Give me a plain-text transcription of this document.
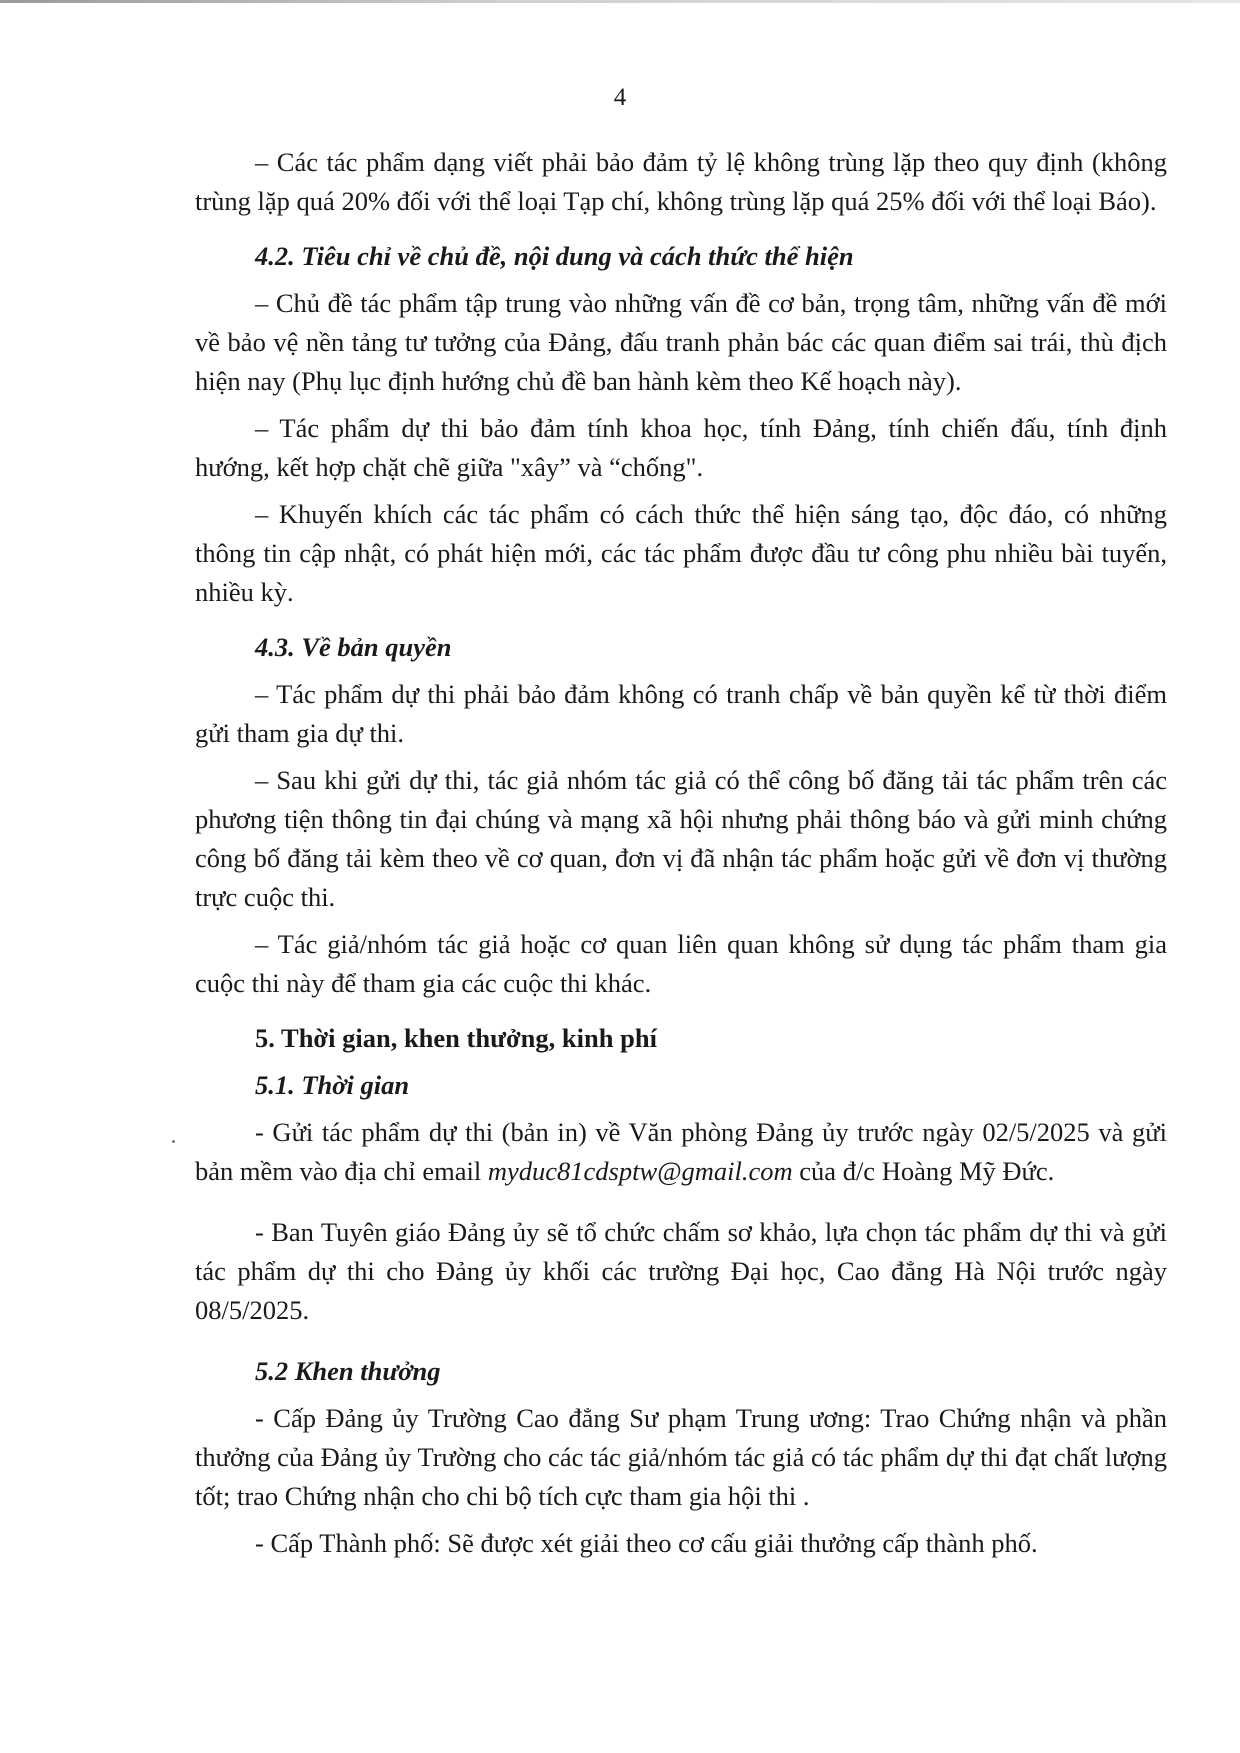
4

– Các tác phẩm dạng viết phải bảo đảm tỷ lệ không trùng lặp theo quy định (không trùng lặp quá 20% đối với thể loại Tạp chí, không trùng lặp quá 25% đối với thể loại Báo).

4.2. Tiêu chỉ về chủ đề, nội dung và cách thức thể hiện

– Chủ đề tác phẩm tập trung vào những vấn đề cơ bản, trọng tâm, những vấn đề mới về bảo vệ nền tảng tư tưởng của Đảng, đấu tranh phản bác các quan điểm sai trái, thù địch hiện nay (Phụ lục định hướng chủ đề ban hành kèm theo Kế hoạch này).

– Tác phẩm dự thi bảo đảm tính khoa học, tính Đảng, tính chiến đấu, tính định hướng, kết hợp chặt chẽ giữa "xây” và “chống".

– Khuyến khích các tác phẩm có cách thức thể hiện sáng tạo, độc đáo, có những thông tin cập nhật, có phát hiện mới, các tác phẩm được đầu tư công phu nhiều bài tuyến, nhiều kỳ.

4.3. Về bản quyền

– Tác phẩm dự thi phải bảo đảm không có tranh chấp về bản quyền kể từ thời điểm gửi tham gia dự thi.

– Sau khi gửi dự thi, tác giả nhóm tác giả có thể công bố đăng tải tác phẩm trên các phương tiện thông tin đại chúng và mạng xã hội nhưng phải thông báo và gửi minh chứng công bố đăng tải kèm theo về cơ quan, đơn vị đã nhận tác phẩm hoặc gửi về đơn vị thường trực cuộc thi.

– Tác giả/nhóm tác giả hoặc cơ quan liên quan không sử dụng tác phẩm tham gia cuộc thi này để tham gia các cuộc thi khác.

5. Thời gian, khen thưởng, kinh phí

5.1. Thời gian

- Gửi tác phẩm dự thi (bản in) về Văn phòng Đảng ủy trước ngày 02/5/2025 và gửi bản mềm vào địa chỉ email myduc81cdsptw@gmail.com của đ/c Hoàng Mỹ Đức.

- Ban Tuyên giáo Đảng ủy sẽ tổ chức chấm sơ khảo, lựa chọn tác phẩm dự thi và gửi tác phẩm dự thi cho Đảng ủy khối các trường Đại học, Cao đẳng Hà Nội trước ngày 08/5/2025.

5.2 Khen thưởng

- Cấp Đảng ủy Trường Cao đẳng Sư phạm Trung ương: Trao Chứng nhận và phần thưởng của Đảng ủy Trường cho các tác giả/nhóm tác giả có tác phẩm dự thi đạt chất lượng tốt; trao Chứng nhận cho chi bộ tích cực tham gia hội thi .

- Cấp Thành phố: Sẽ được xét giải theo cơ cấu giải thưởng cấp thành phố.
